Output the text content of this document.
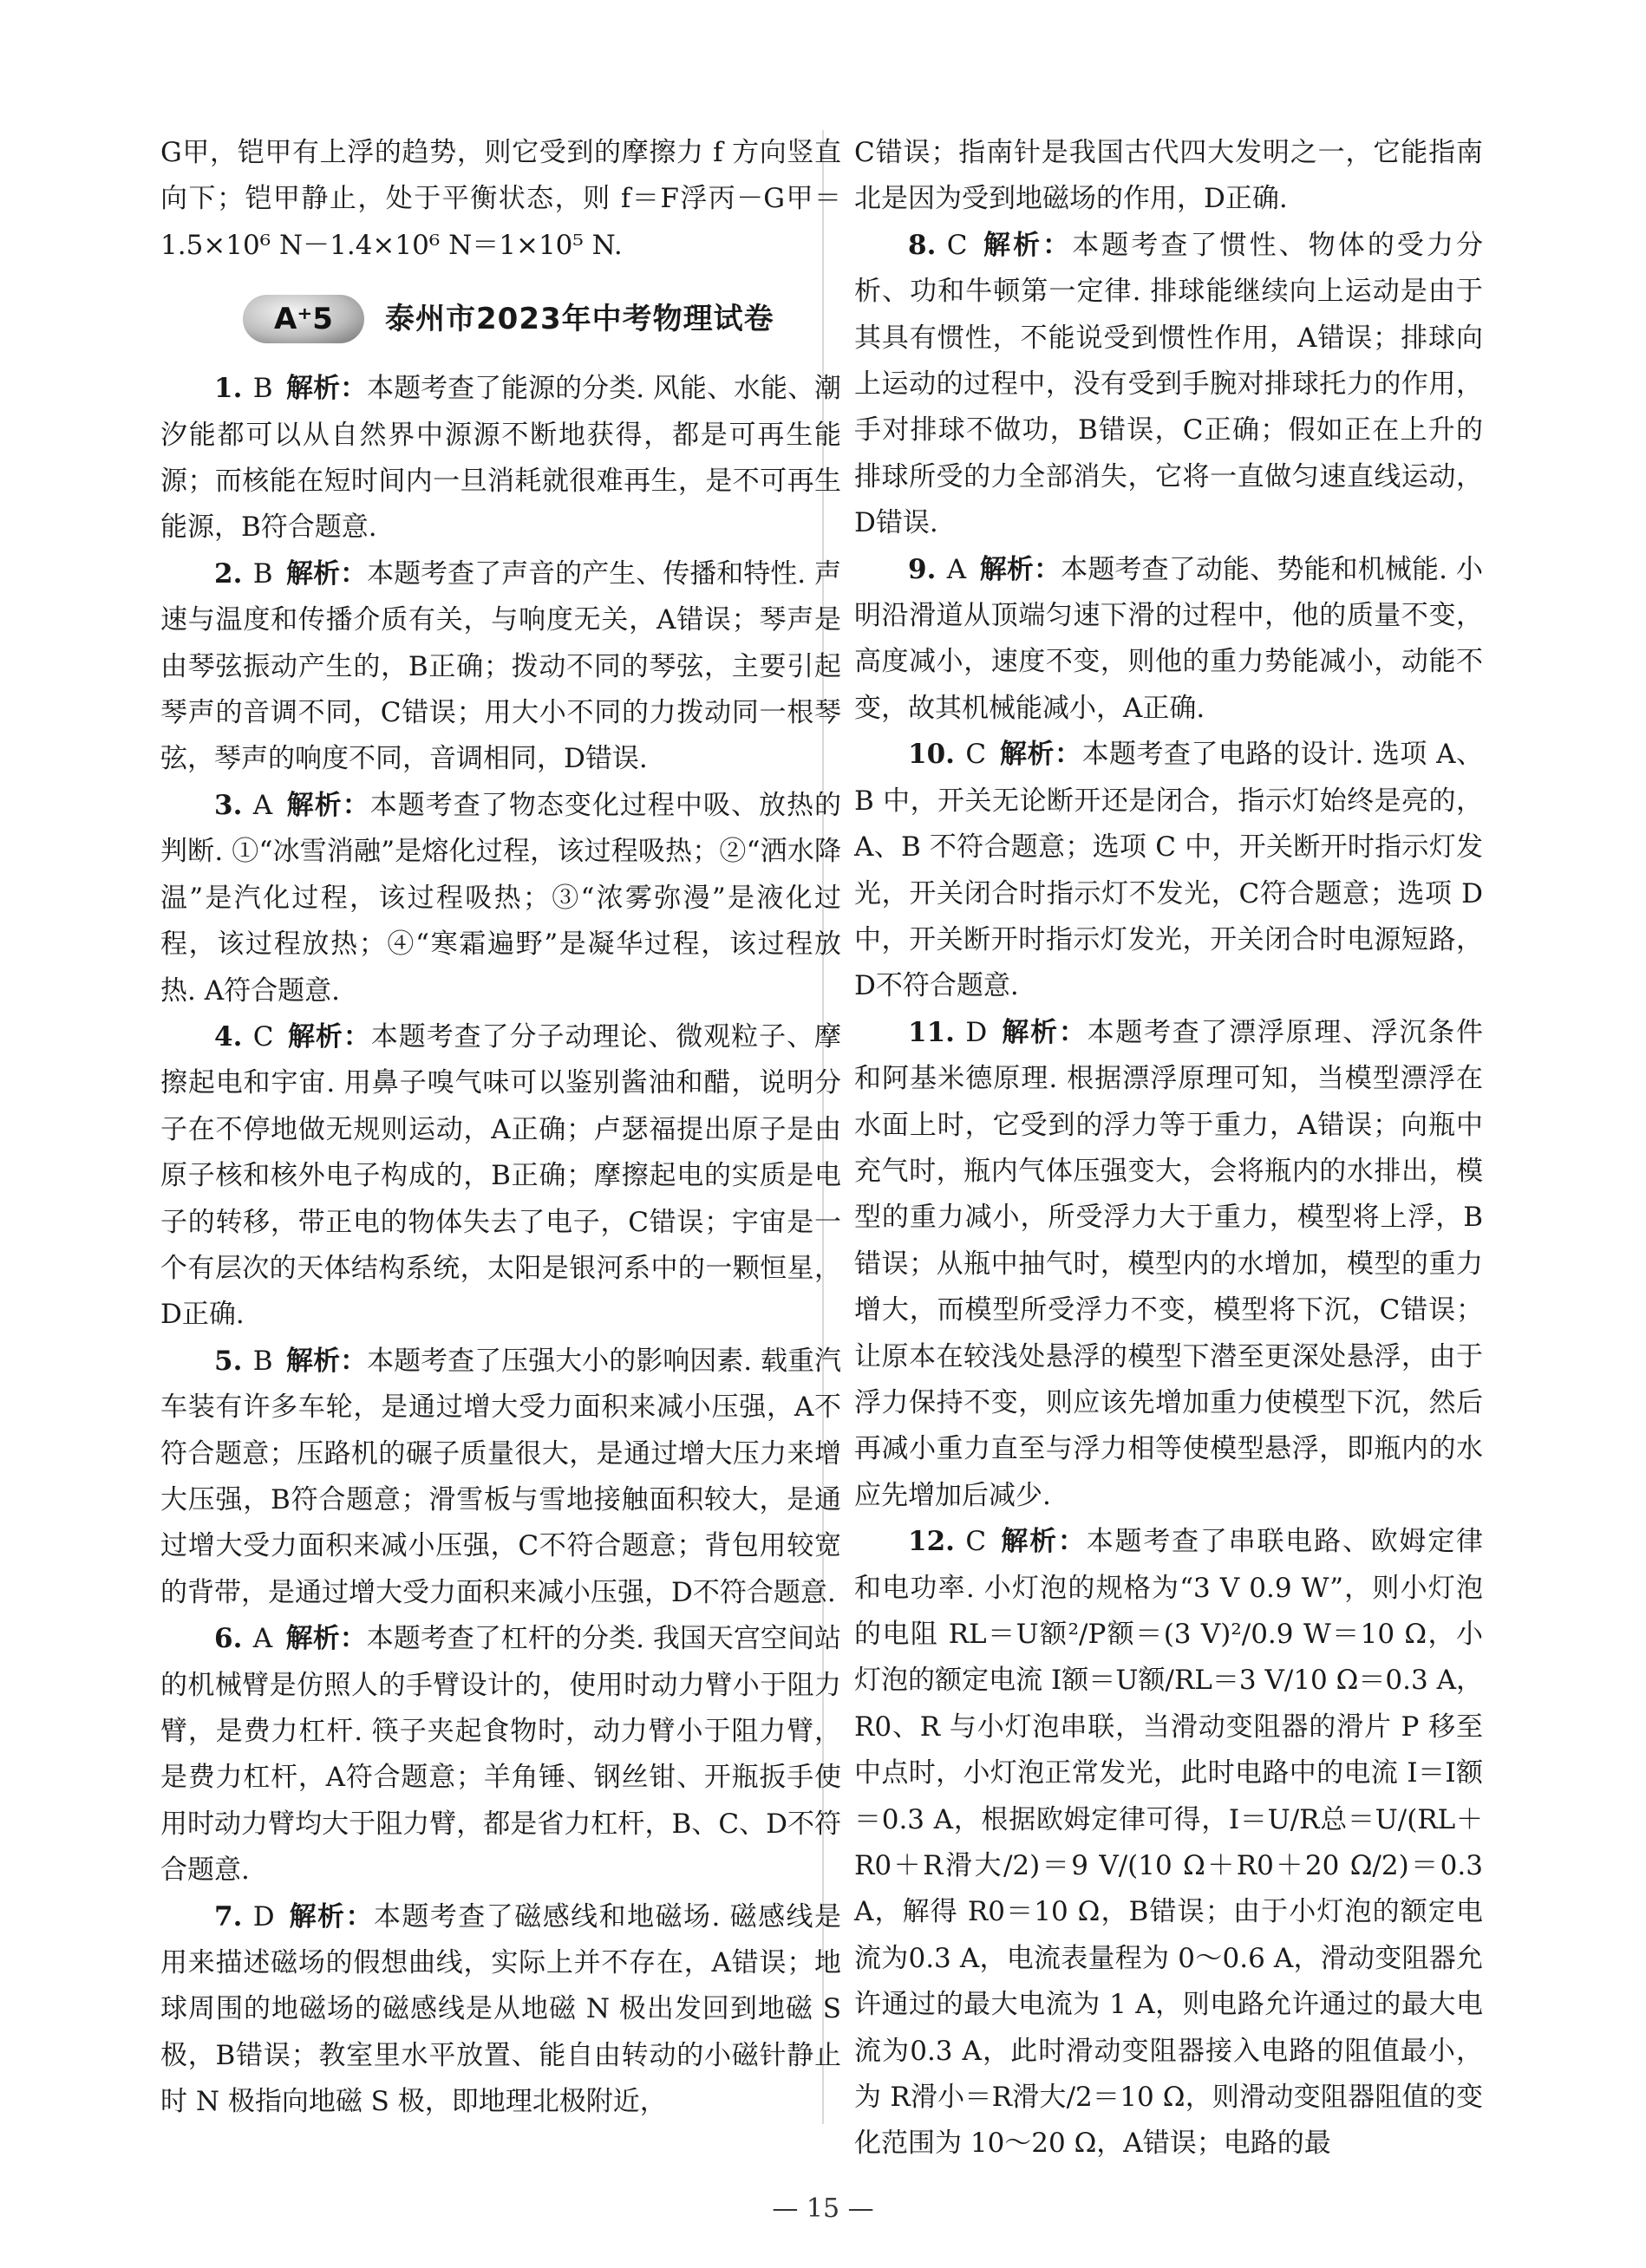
G甲，铠甲有上浮的趋势，则它受到的摩擦力 f 方向竖直向下；铠甲静止，处于平衡状态，则 f＝F浮丙－G甲＝1.5×10⁶ N－1.4×10⁶ N＝1×10⁵ N.

A⁺5	泰州市2023年中考物理试卷

1. B 解析：本题考查了能源的分类. 风能、水能、潮汐能都可以从自然界中源源不断地获得，都是可再生能源；而核能在短时间内一旦消耗就很难再生，是不可再生能源，B符合题意.

2. B 解析：本题考查了声音的产生、传播和特性. 声速与温度和传播介质有关，与响度无关，A错误；琴声是由琴弦振动产生的，B正确；拨动不同的琴弦，主要引起琴声的音调不同，C错误；用大小不同的力拨动同一根琴弦，琴声的响度不同，音调相同，D错误.

3. A 解析：本题考查了物态变化过程中吸、放热的判断. ①“冰雪消融”是熔化过程，该过程吸热；②“洒水降温”是汽化过程，该过程吸热；③“浓雾弥漫”是液化过程，该过程放热；④“寒霜遍野”是凝华过程，该过程放热. A符合题意.

4. C 解析：本题考查了分子动理论、微观粒子、摩擦起电和宇宙. 用鼻子嗅气味可以鉴别酱油和醋，说明分子在不停地做无规则运动，A正确；卢瑟福提出原子是由原子核和核外电子构成的，B正确；摩擦起电的实质是电子的转移，带正电的物体失去了电子，C错误；宇宙是一个有层次的天体结构系统，太阳是银河系中的一颗恒星，D正确.

5. B 解析：本题考查了压强大小的影响因素. 载重汽车装有许多车轮，是通过增大受力面积来减小压强，A不符合题意；压路机的碾子质量很大，是通过增大压力来增大压强，B符合题意；滑雪板与雪地接触面积较大，是通过增大受力面积来减小压强，C不符合题意；背包用较宽的背带，是通过增大受力面积来减小压强，D不符合题意.

6. A 解析：本题考查了杠杆的分类. 我国天宫空间站的机械臂是仿照人的手臂设计的，使用时动力臂小于阻力臂，是费力杠杆. 筷子夹起食物时，动力臂小于阻力臂，是费力杠杆，A符合题意；羊角锤、钢丝钳、开瓶扳手使用时动力臂均大于阻力臂，都是省力杠杆，B、C、D不符合题意.

7. D 解析：本题考查了磁感线和地磁场. 磁感线是用来描述磁场的假想曲线，实际上并不存在，A错误；地球周围的地磁场的磁感线是从地磁 N 极出发回到地磁 S 极，B错误；教室里水平放置、能自由转动的小磁针静止时 N 极指向地磁 S 极，即地理北极附近，

C错误；指南针是我国古代四大发明之一，它能指南北是因为受到地磁场的作用，D正确.

8. C 解析：本题考查了惯性、物体的受力分析、功和牛顿第一定律. 排球能继续向上运动是由于其具有惯性，不能说受到惯性作用，A错误；排球向上运动的过程中，没有受到手腕对排球托力的作用，手对排球不做功，B错误，C正确；假如正在上升的排球所受的力全部消失，它将一直做匀速直线运动，D错误.

9. A 解析：本题考查了动能、势能和机械能. 小明沿滑道从顶端匀速下滑的过程中，他的质量不变，高度减小，速度不变，则他的重力势能减小，动能不变，故其机械能减小，A正确.

10. C 解析：本题考查了电路的设计. 选项 A、B 中，开关无论断开还是闭合，指示灯始终是亮的，A、B 不符合题意；选项 C 中，开关断开时指示灯发光，开关闭合时指示灯不发光，C符合题意；选项 D 中，开关断开时指示灯发光，开关闭合时电源短路，D不符合题意.

11. D 解析：本题考查了漂浮原理、浮沉条件和阿基米德原理. 根据漂浮原理可知，当模型漂浮在水面上时，它受到的浮力等于重力，A错误；向瓶中充气时，瓶内气体压强变大，会将瓶内的水排出，模型的重力减小，所受浮力大于重力，模型将上浮，B错误；从瓶中抽气时，模型内的水增加，模型的重力增大，而模型所受浮力不变，模型将下沉，C错误；让原本在较浅处悬浮的模型下潜至更深处悬浮，由于浮力保持不变，则应该先增加重力使模型下沉，然后再减小重力直至与浮力相等使模型悬浮，即瓶内的水应先增加后减少.

12. C 解析：本题考查了串联电路、欧姆定律和电功率. 小灯泡的规格为“3 V 0.9 W”，则小灯泡的电阻 RL＝U额²/P额＝(3 V)²/0.9 W＝10 Ω，小灯泡的额定电流 I额＝U额/RL＝3 V/10 Ω＝0.3 A，R0、R 与小灯泡串联，当滑动变阻器的滑片 P 移至中点时，小灯泡正常发光，此时电路中的电流 I＝I额＝0.3 A，根据欧姆定律可得，I＝U/R总＝U/(RL＋R0＋R滑大/2)＝9 V/(10 Ω＋R0＋20 Ω/2)＝0.3 A，解得 R0＝10 Ω，B错误；由于小灯泡的额定电流为0.3 A，电流表量程为 0～0.6 A，滑动变阻器允许通过的最大电流为 1 A，则电路允许通过的最大电流为0.3 A，此时滑动变阻器接入电路的阻值最小，为 R滑小＝R滑大/2＝10 Ω，则滑动变阻器阻值的变化范围为 10～20 Ω，A错误；电路的最

— 15 —
